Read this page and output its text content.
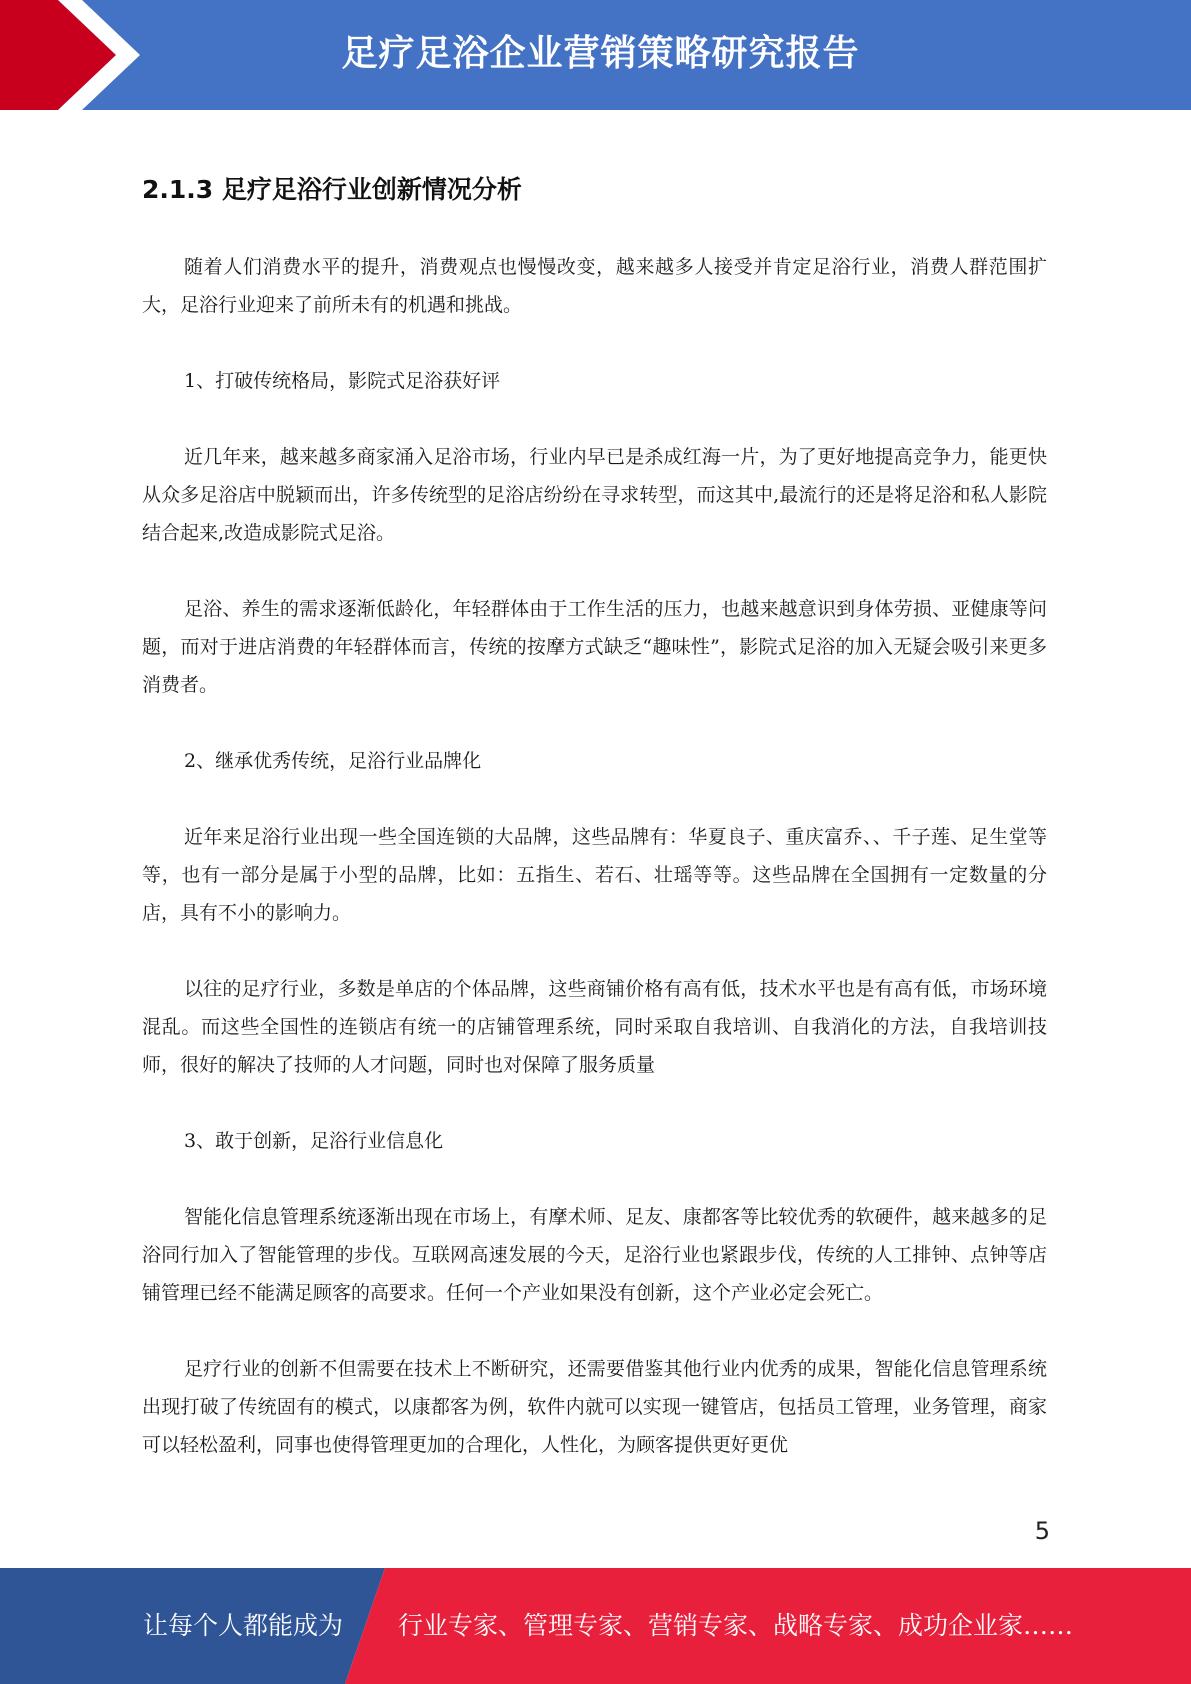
足疗足浴企业营销策略研究报告
2.1.3 足疗足浴行业创新情况分析

随着人们消费水平的提升，消费观点也慢慢改变，越来越多人接受并肯定足浴行业，消费人群范围扩大，足浴行业迎来了前所未有的机遇和挑战。

1、打破传统格局，影院式足浴获好评

近几年来，越来越多商家涌入足浴市场，行业内早已是杀成红海一片，为了更好地提高竞争力，能更快从众多足浴店中脱颖而出，许多传统型的足浴店纷纷在寻求转型，而这其中,最流行的还是将足浴和私人影院结合起来,改造成影院式足浴。

足浴、养生的需求逐渐低龄化，年轻群体由于工作生活的压力，也越来越意识到身体劳损、亚健康等问题，而对于进店消费的年轻群体而言，传统的按摩方式缺乏“趣味性”，影院式足浴的加入无疑会吸引来更多消费者。

2、继承优秀传统，足浴行业品牌化

近年来足浴行业出现一些全国连锁的大品牌，这些品牌有：华夏良子、重庆富乔、、千子莲、足生堂等等，也有一部分是属于小型的品牌，比如：五指生、若石、壮瑶等等。这些品牌在全国拥有一定数量的分店，具有不小的影响力。

以往的足疗行业，多数是单店的个体品牌，这些商铺价格有高有低，技术水平也是有高有低，市场环境混乱。而这些全国性的连锁店有统一的店铺管理系统，同时采取自我培训、自我消化的方法，自我培训技师，很好的解决了技师的人才问题，同时也对保障了服务质量

3、敢于创新，足浴行业信息化

智能化信息管理系统逐渐出现在市场上，有摩术师、足友、康都客等比较优秀的软硬件，越来越多的足浴同行加入了智能管理的步伐。互联网高速发展的今天，足浴行业也紧跟步伐，传统的人工排钟、点钟等店铺管理已经不能满足顾客的高要求。任何一个产业如果没有创新，这个产业必定会死亡。

足疗行业的创新不但需要在技术上不断研究，还需要借鉴其他行业内优秀的成果，智能化信息管理系统出现打破了传统固有的模式，以康都客为例，软件内就可以实现一键管店，包括员工管理，业务管理，商家可以轻松盈利，同事也使得管理更加的合理化，人性化，为顾客提供更好更优

5
让每个人都能成为 行业专家、管理专家、营销专家、战略专家、成功企业家……
